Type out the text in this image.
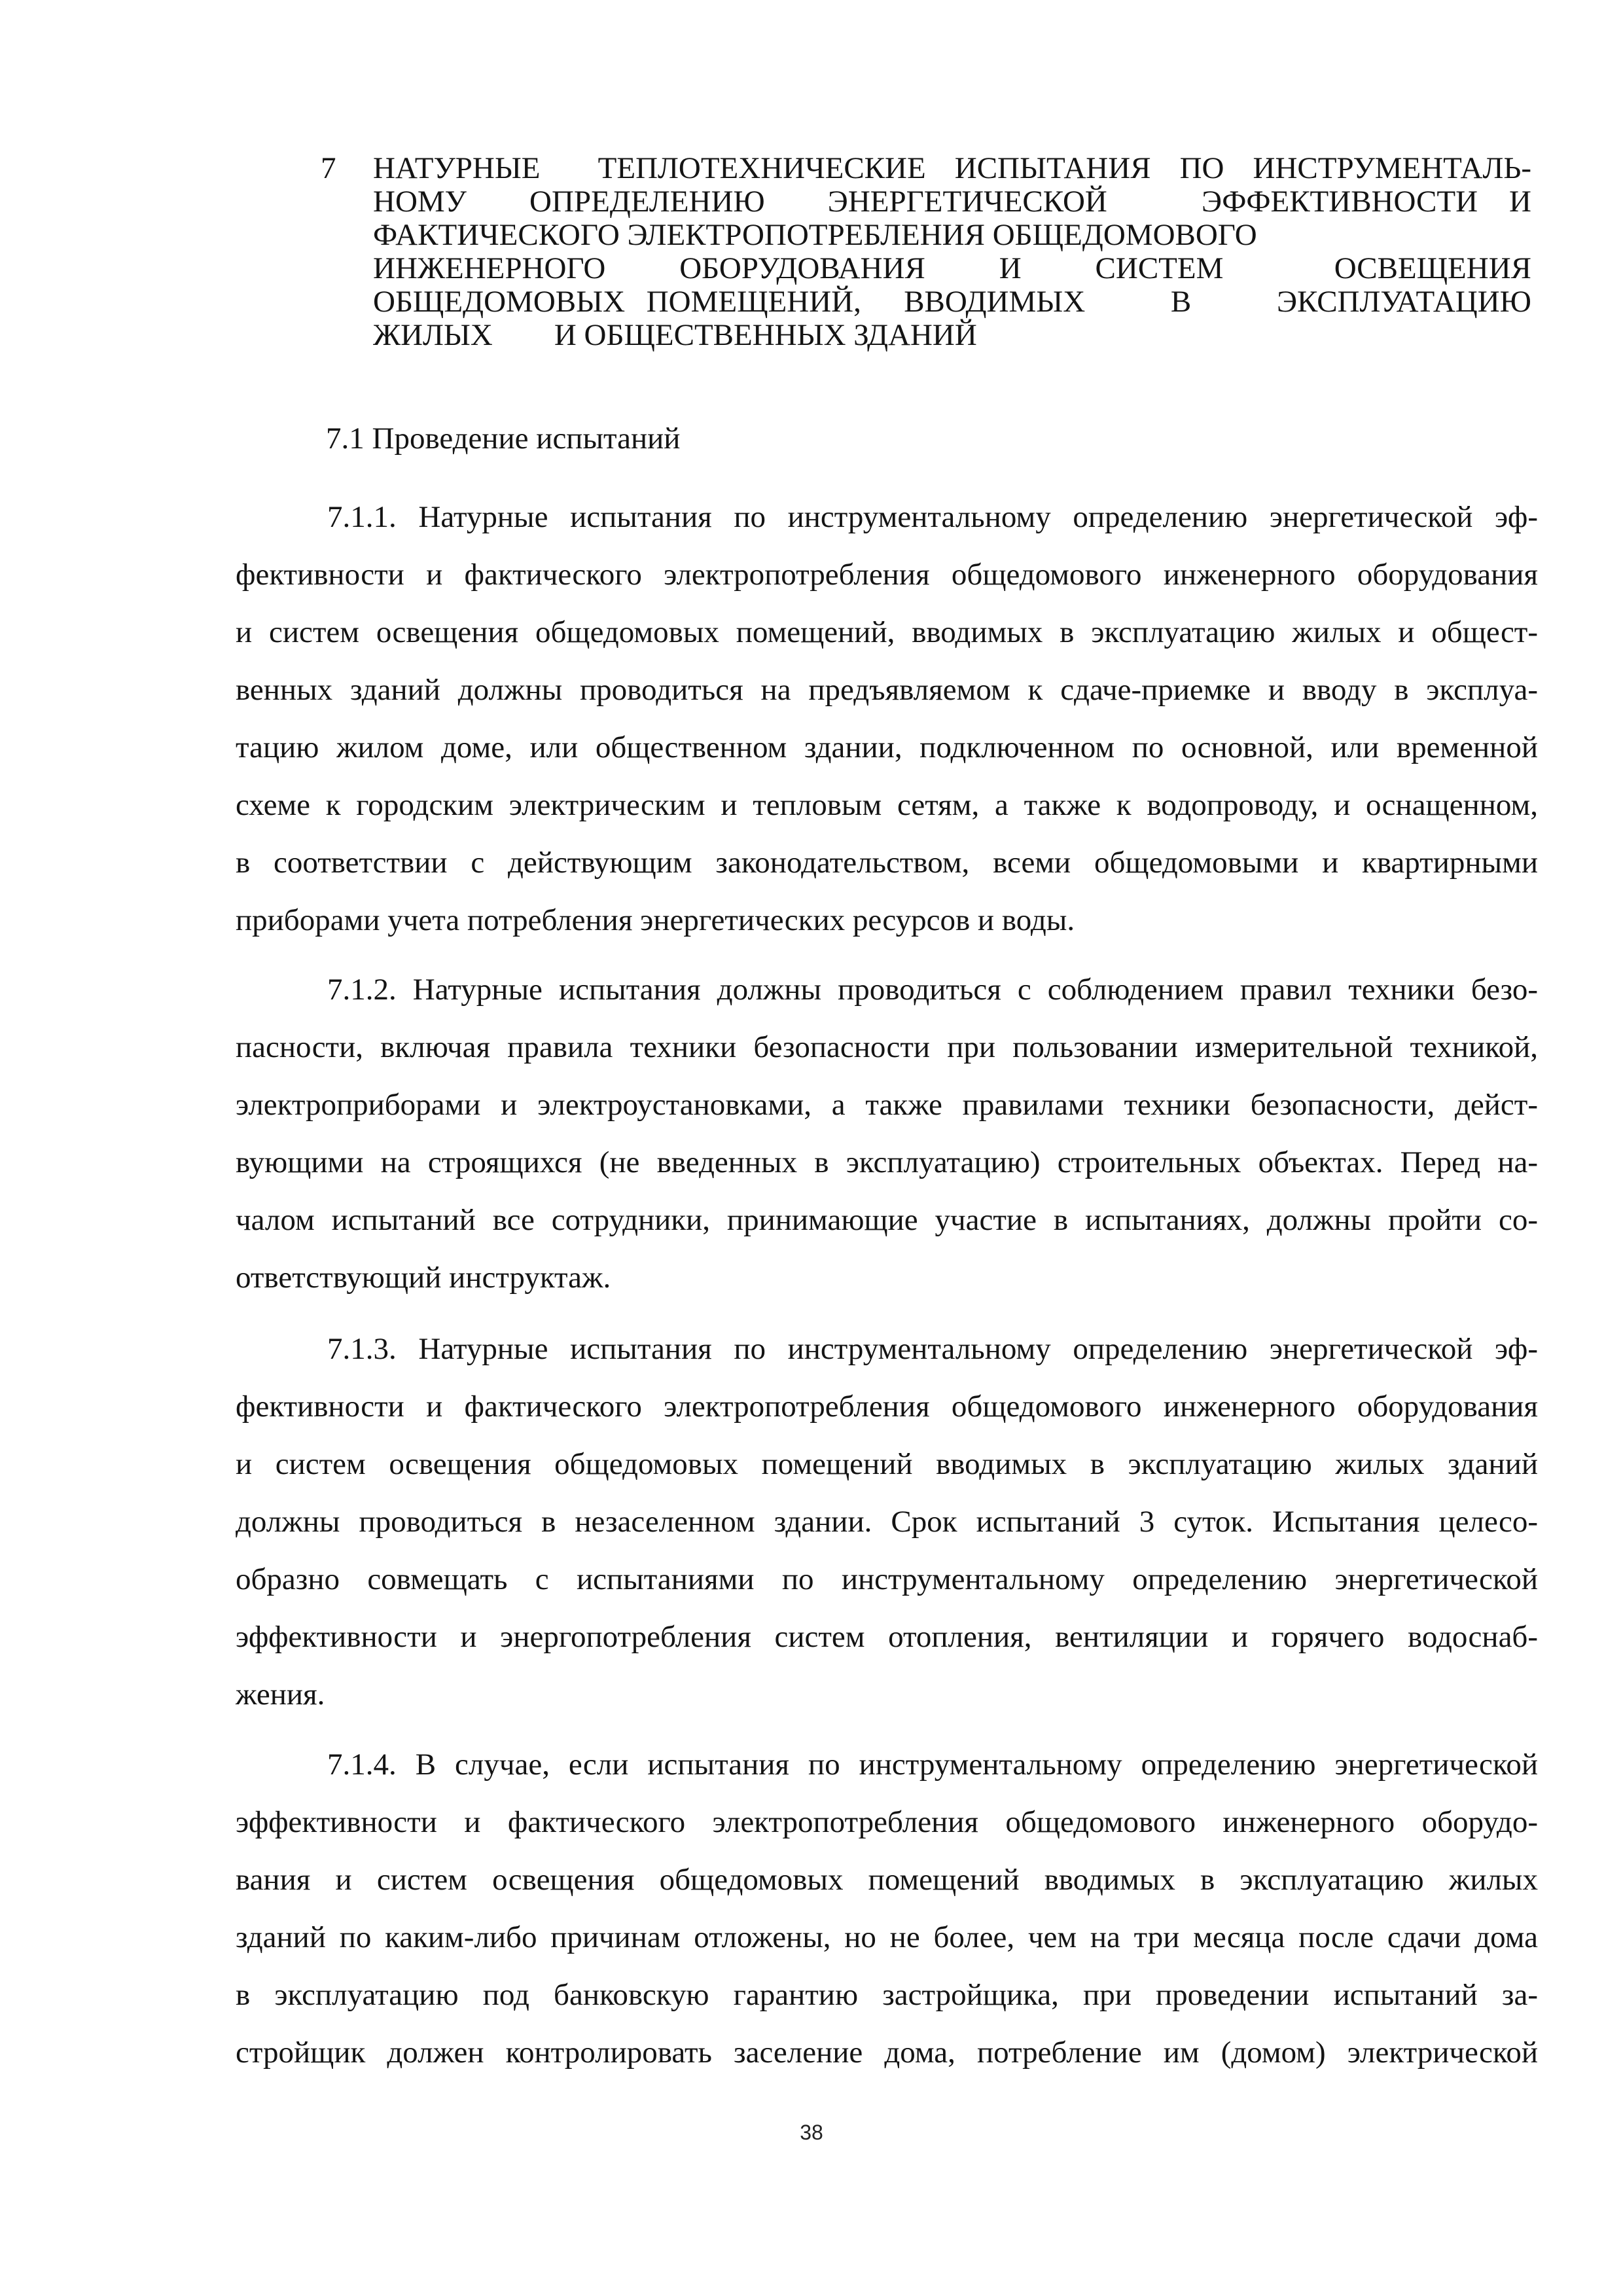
7 НАТУРНЫЕ  ТЕПЛОТЕХНИЧЕСКИЕ ИСПЫТАНИЯ ПО ИНСТРУМЕНТАЛЬ-
НОМУ  ОПРЕДЕЛЕНИЮ  ЭНЕРГЕТИЧЕСКОЙ   ЭФФЕКТИВНОСТИ И
ФАКТИЧЕСКОГО ЭЛЕКТРОПОТРЕБЛЕНИЯ ОБЩЕДОМОВОГО
ИНЖЕНЕРНОГО  ОБОРУДОВАНИЯ  И  СИСТЕМ   ОСВЕЩЕНИЯ
ОБЩЕДОМОВЫХ ПОМЕЩЕНИЙ,  ВВОДИМЫХ    В    ЭКСПЛУАТАЦИЮ
ЖИЛЫХ        И ОБЩЕСТВЕННЫХ ЗДАНИЙ
7.1 Проведение испытаний
7.1.1. Натурные испытания по инструментальному определению энергетической эф-
фективности и фактического электропотребления общедомового инженерного оборудования
и систем освещения общедомовых помещений, вводимых в эксплуатацию жилых и общест-
венных зданий должны проводиться на предъявляемом к сдаче-приемке и вводу в эксплуа-
тацию жилом доме, или общественном здании, подключенном по основной, или временной
схеме к городским электрическим и тепловым сетям, а также к водопроводу, и оснащенном,
в соответствии с действующим законодательством, всеми общедомовыми и квартирными
приборами учета потребления энергетических ресурсов и воды.
7.1.2. Натурные испытания должны проводиться с соблюдением правил техники безо-
пасности, включая правила техники безопасности при пользовании измерительной техникой,
электроприборами и электроустановками, а также правилами техники безопасности, дейст-
вующими на строящихся (не введенных в эксплуатацию) строительных объектах. Перед на-
чалом испытаний все сотрудники, принимающие участие в испытаниях, должны пройти со-
ответствующий инструктаж.
7.1.3. Натурные испытания по инструментальному определению энергетической эф-
фективности и фактического электропотребления общедомового инженерного оборудования
и систем освещения общедомовых помещений вводимых в эксплуатацию жилых зданий
должны проводиться в незаселенном здании. Срок испытаний 3 суток. Испытания целесо-
образно совмещать с испытаниями по инструментальному определению энергетической
эффективности и энергопотребления систем отопления, вентиляции и горячего водоснаб-
жения.
7.1.4. В случае, если испытания по инструментальному определению энергетической
эффективности и фактического электропотребления общедомового инженерного оборудо-
вания и систем освещения общедомовых помещений вводимых в эксплуатацию жилых
зданий по каким-либо причинам отложены, но не более, чем на три месяца после сдачи дома
в эксплуатацию под банковскую гарантию застройщика, при проведении испытаний за-
стройщик должен контролировать заселение дома, потребление им (домом) электрической
38
